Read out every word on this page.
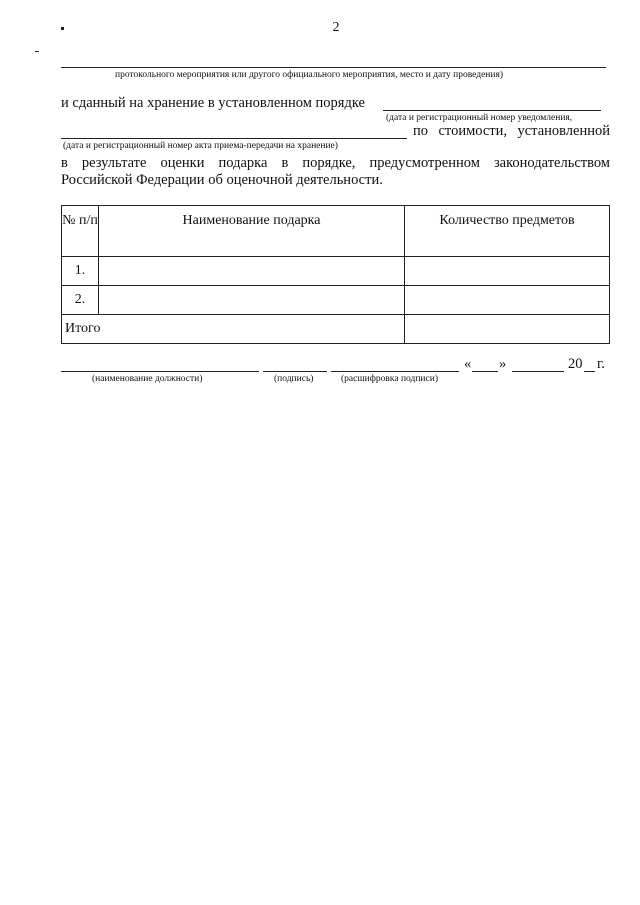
2
протокольного мероприятия или другого официального мероприятия, место и дату проведения)
и сданный на хранение в установленном порядке
(дата и регистрационный номер уведомления,
по стоимости, установленной
(дата и регистрационный номер акта приема-передачи на хранение)
в результате оценки подарка в порядке, предусмотренном законодательством
Российской Федерации об оценочной деятельности.
№ п/п	Наименование подарка	Количество предметов
1.		
2.		
Итого		
« »	20 г.
(наименование должности)	(подпись)	(расшифровка подписи)
